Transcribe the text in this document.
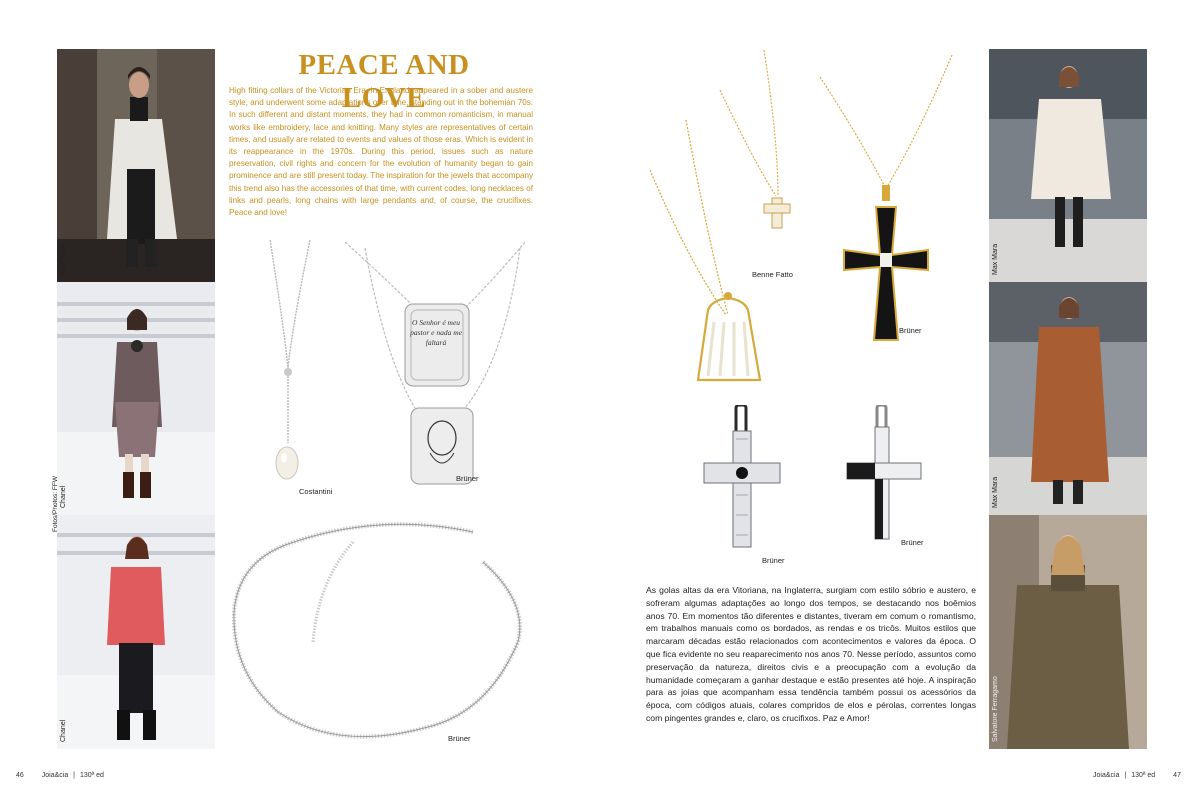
Max Mara
Chanel
Chanel
Fotos/Photos: FFW
Max Mara
Max Mara
Salvatore Ferragamo
PEACE AND LOVE

High fitting collars of the Victorian Era, in England, appeared in a sober and austere style, and underwent some adaptations over time, standing out in the bohemian 70s. In such different and distant moments, they had in common romanticism, in manual works like embroidery, lace and knitting. Many styles are representatives of certain times, and usually are related to events and values of those eras. Which is evident in its reappearance in the 1970s. During this period, issues such as nature preservation, civil rights and concern for the evolution of humanity began to gain prominence and are still present today. The inspiration for the jewels that accompany this trend also has the accessories of that time, with current codes, long necklaces of links and pearls, long chains with large pendants and, of course, the crucifixes. Peace and love!

As golas altas da era Vitoriana, na Inglaterra, surgiam com estilo sóbrio e austero, e sofreram algumas adaptações ao longo dos tempos, se destacando nos boêmios anos 70. Em momentos tão diferentes e distantes, tiveram em comum o romantismo, em trabalhos manuais como os bordados, as rendas e os tricôs. Muitos estilos que marcaram décadas estão relacionados com acontecimentos e valores da época. O que fica evidente no seu reaparecimento nos anos 70. Nesse período, assuntos como preservação da natureza, direitos civis e a preocupação com a evolução da humanidade começaram a ganhar destaque e estão presentes até hoje. A inspiração para as joias que acompanham essa tendência também possui os acessórios da época, com códigos atuais, colares compridos de elos e pérolas, correntes longas com pingentes grandes e, claro, os crucifixos. Paz e Amor!

Costantini
O Senhor é meu pastor e nada me faltará
Brüner
Brüner
Benne Fatto
Brüner
Brüner
Brüner
46	Joia&cia | 130ª ed	Joia&cia | 130ª ed	47
